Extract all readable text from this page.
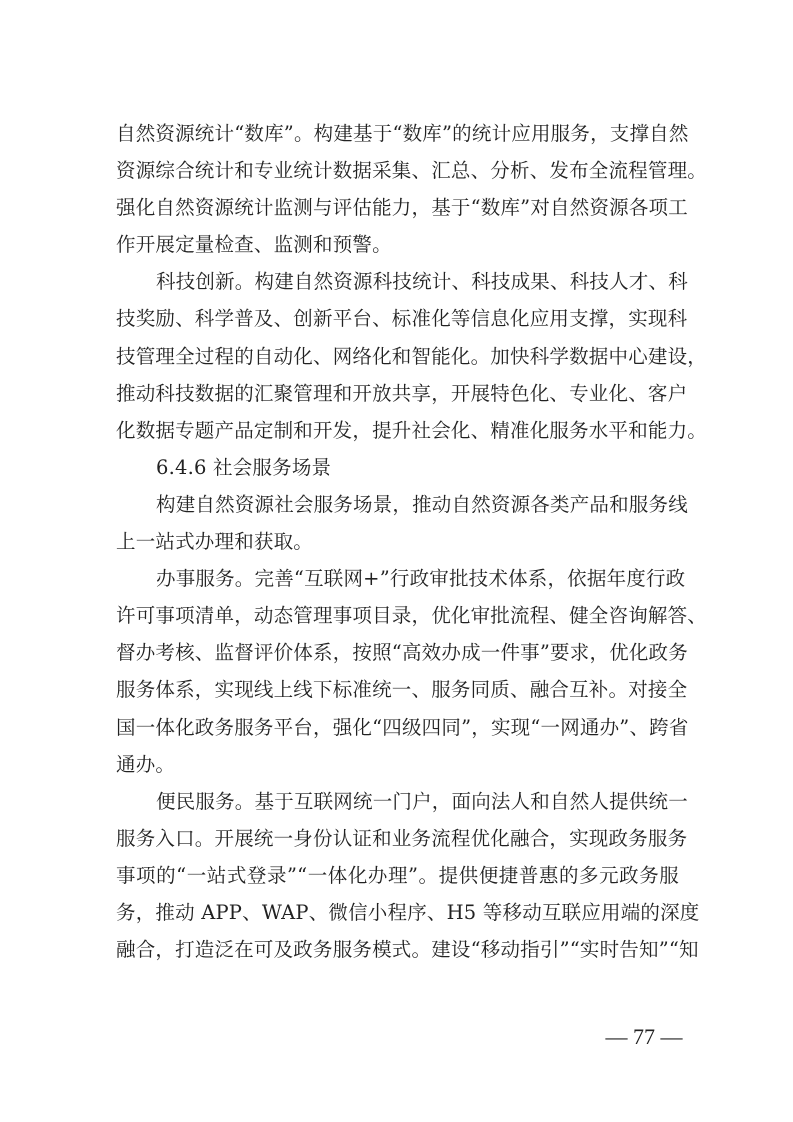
自然资源统计“数库”。构建基于“数库”的统计应用服务，支撑自然
资源综合统计和专业统计数据采集、汇总、分析、发布全流程管理。
强化自然资源统计监测与评估能力，基于“数库”对自然资源各项工
作开展定量检查、监测和预警。
科技创新。构建自然资源科技统计、科技成果、科技人才、科
技奖励、科学普及、创新平台、标准化等信息化应用支撑，实现科
技管理全过程的自动化、网络化和智能化。加快科学数据中心建设，
推动科技数据的汇聚管理和开放共享，开展特色化、专业化、客户
化数据专题产品定制和开发，提升社会化、精准化服务水平和能力。
6.4.6 社会服务场景
构建自然资源社会服务场景，推动自然资源各类产品和服务线
上一站式办理和获取。
办事服务。完善“互联网+”行政审批技术体系，依据年度行政
许可事项清单，动态管理事项目录，优化审批流程、健全咨询解答、
督办考核、监督评价体系，按照“高效办成一件事”要求，优化政务
服务体系，实现线上线下标准统一、服务同质、融合互补。对接全
国一体化政务服务平台，强化“四级四同”，实现“一网通办”、跨省
通办。
便民服务。基于互联网统一门户，面向法人和自然人提供统一
服务入口。开展统一身份认证和业务流程优化融合，实现政务服务
事项的“一站式登录”“一体化办理”。提供便捷普惠的多元政务服
务，推动 APP、WAP、微信小程序、H5 等移动互联应用端的深度
融合，打造泛在可及政务服务模式。建设“移动指引”“实时告知”“知
— 77 —
